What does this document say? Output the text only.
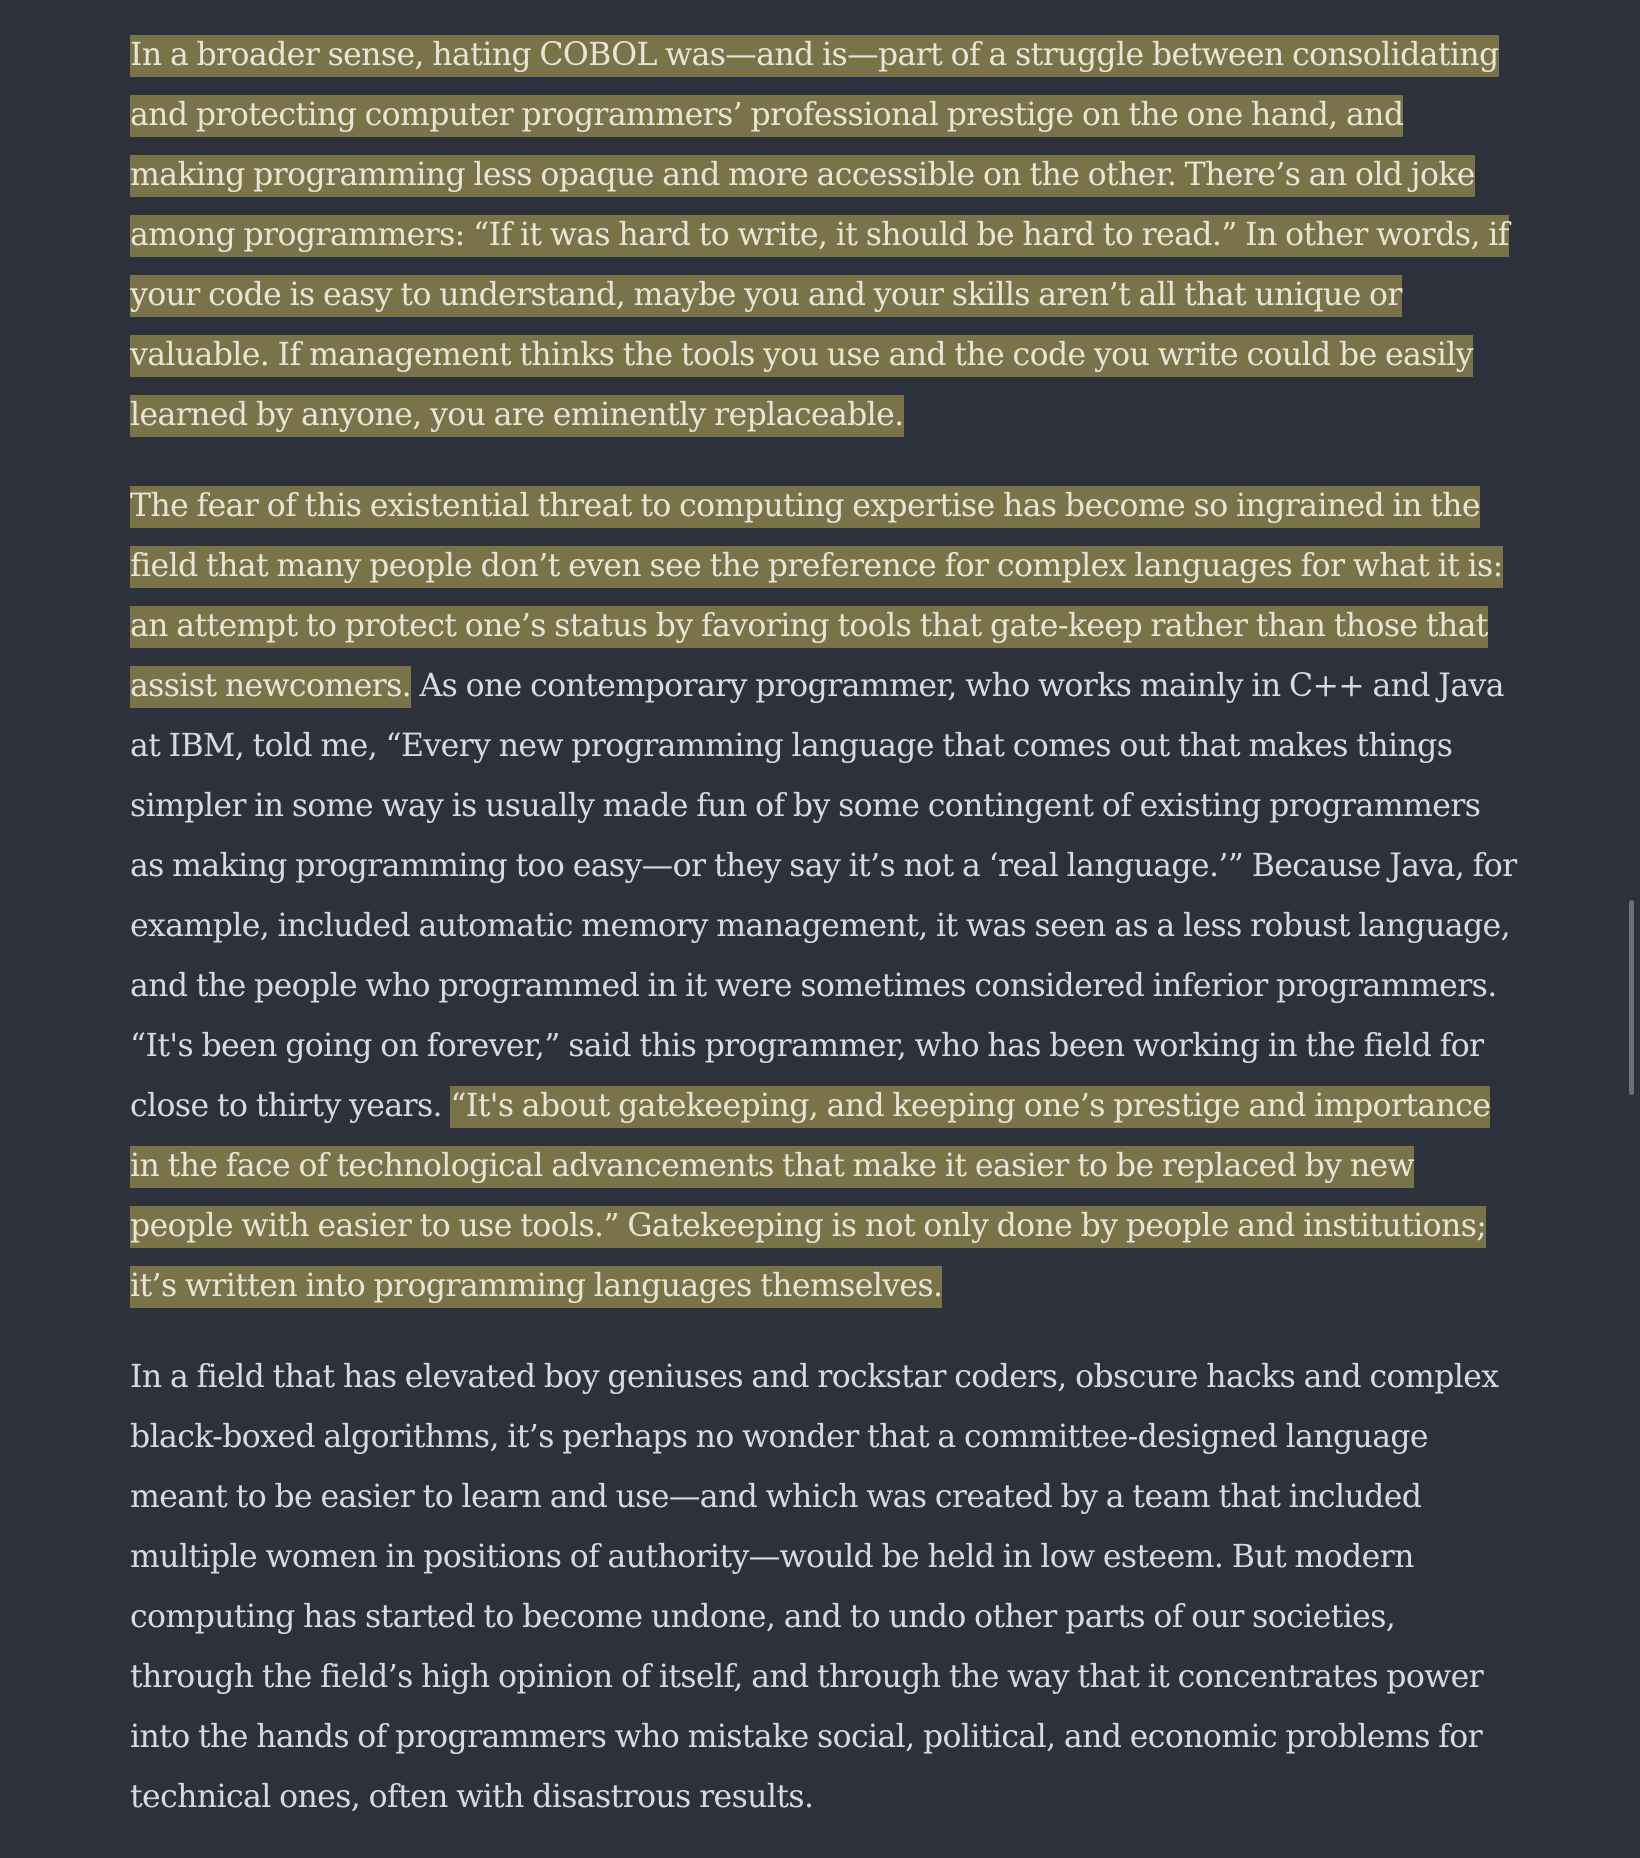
In a broader sense, hating COBOL was—and is—part of a struggle between consolidating and protecting computer programmers’ professional prestige on the one hand, and making programming less opaque and more accessible on the other. There’s an old joke among programmers: “If it was hard to write, it should be hard to read.” In other words, if your code is easy to understand, maybe you and your skills aren’t all that unique or valuable. If management thinks the tools you use and the code you write could be easily learned by anyone, you are eminently replaceable.

The fear of this existential threat to computing expertise has become so ingrained in the field that many people don’t even see the preference for complex languages for what it is: an attempt to protect one’s status by favoring tools that gate-keep rather than those that assist newcomers. As one contemporary programmer, who works mainly in C++ and Java at IBM, told me, “Every new programming language that comes out that makes things simpler in some way is usually made fun of by some contingent of existing programmers as making programming too easy—or they say it’s not a ‘real language.’” Because Java, for example, included automatic memory management, it was seen as a less robust language, and the people who programmed in it were sometimes considered inferior programmers. “It's been going on forever,” said this programmer, who has been working in the field for close to thirty years. “It's about gatekeeping, and keeping one’s prestige and importance in the face of technological advancements that make it easier to be replaced by new people with easier to use tools.” Gatekeeping is not only done by people and institutions; it’s written into programming languages themselves.

In a field that has elevated boy geniuses and rockstar coders, obscure hacks and complex black-boxed algorithms, it’s perhaps no wonder that a committee-designed language meant to be easier to learn and use—and which was created by a team that included multiple women in positions of authority—would be held in low esteem. But modern computing has started to become undone, and to undo other parts of our societies, through the field’s high opinion of itself, and through the way that it concentrates power into the hands of programmers who mistake social, political, and economic problems for technical ones, often with disastrous results.
